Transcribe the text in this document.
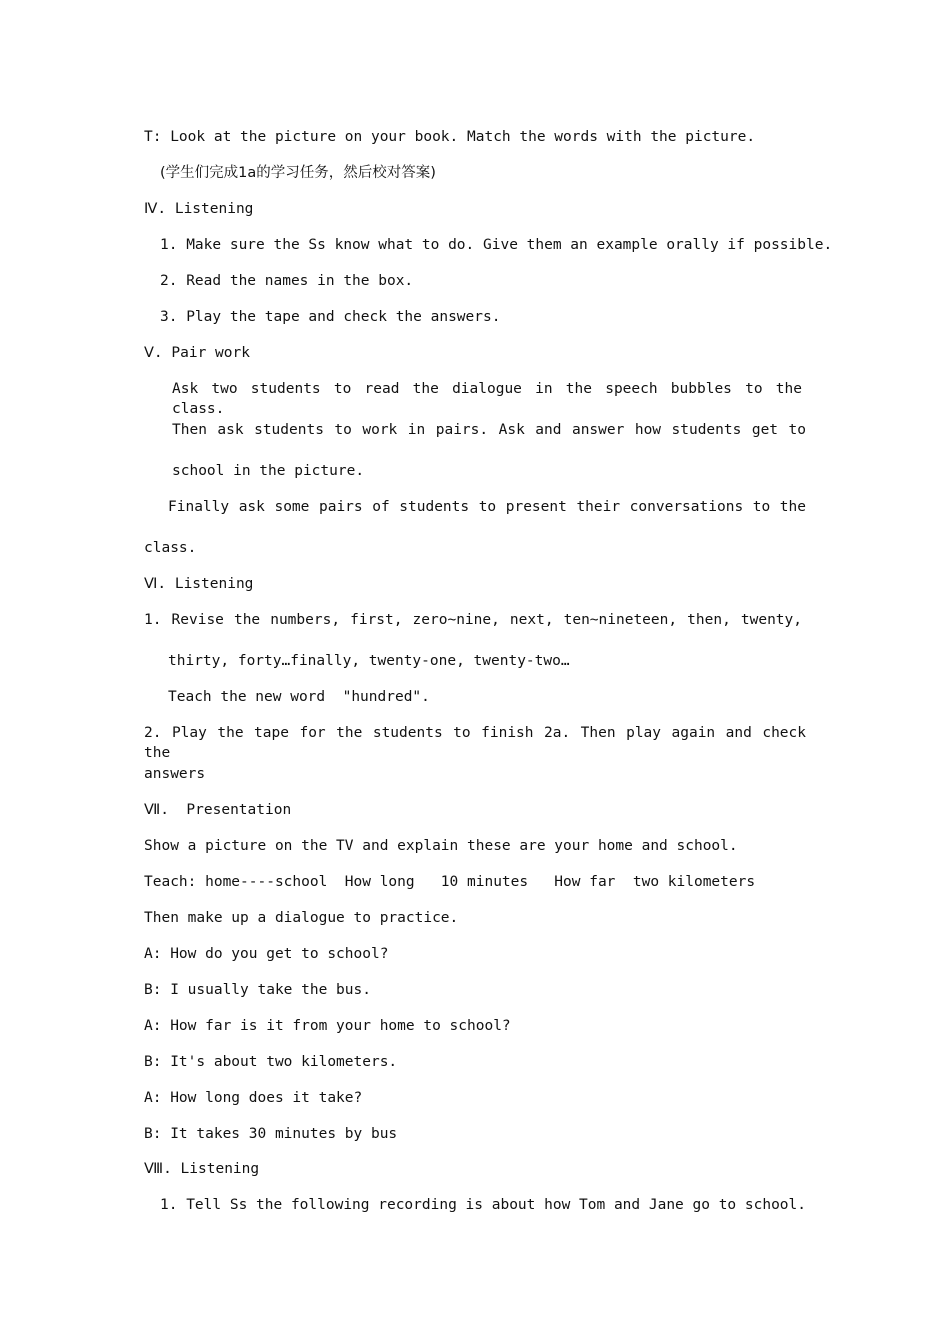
T: Look at the picture on your book. Match the words with the picture.
(学生们完成1a的学习任务，然后校对答案)
Ⅳ. Listening
1. Make sure the Ss know what to do. Give them an example orally if possible.
2. Read the names in the box.
3. Play the tape and check the answers.
Ⅴ. Pair work
Ask two students to read the dialogue in the speech bubbles to the class.
Then ask students to work in pairs. Ask and answer how students get to
school in the picture.
Finally ask some pairs of students to present their conversations to the
class.
Ⅵ. Listening
1. Revise the numbers, first, zero~nine, next, ten~nineteen, then, twenty,
thirty, forty…finally, twenty-one, twenty-two…
Teach the new word  "hundred".
2. Play the tape for the students to finish 2a. Then play again and check the
answers
Ⅶ.  Presentation
Show a picture on the TV and explain these are your home and school.
Teach: home----school  How long   10 minutes   How far  two kilometers
Then make up a dialogue to practice.
A: How do you get to school?
B: I usually take the bus.
A: How far is it from your home to school?
B: It's about two kilometers.
A: How long does it take?
B: It takes 30 minutes by bus
Ⅷ. Listening
1. Tell Ss the following recording is about how Tom and Jane go to school.
